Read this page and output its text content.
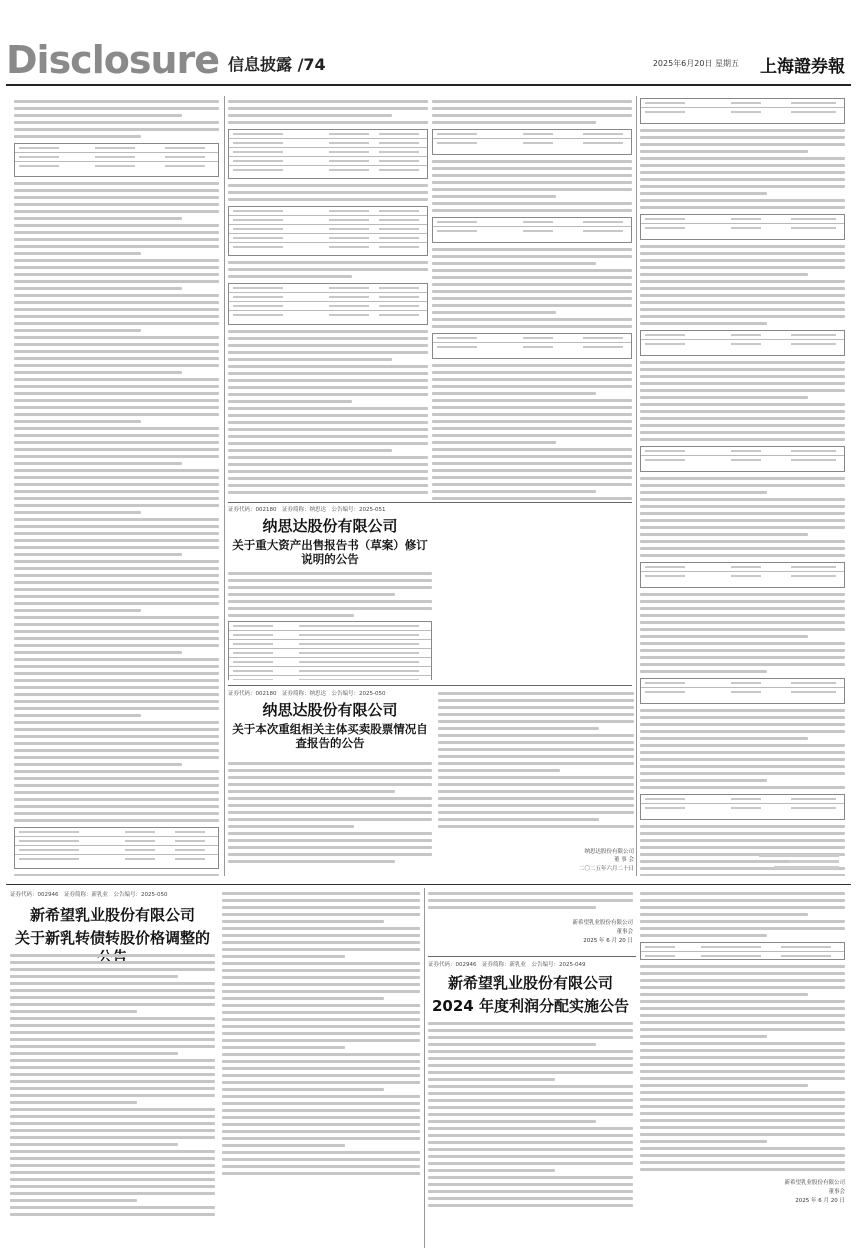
Disclosure 信息披露 /74	2025年6月20日 星期五 上海證券報
证券代码：002180　证券简称：纳思达　公告编号：2025-051
纳思达股份有限公司
关于重大资产出售报告书（草案）修订说明的公告
证券代码：002180　证券简称：纳思达　公告编号：2025-050
纳思达股份有限公司
关于本次重组相关主体买卖股票情况自查报告的公告
纳思达股份有限公司
董 事 会
二〇二五年六月二十日
证券代码：002946　证券简称：新乳业　公告编号：2025-050
新希望乳业股份有限公司
关于新乳转债转股价格调整的
新希望乳业股份有限公司
董事会
2025 年 6 月 20 日
证券代码：002946　证券简称：新乳业　公告编号：2025-049
新希望乳业股份有限公司
2024 年度利润分配实施公告
新希望乳业股份有限公司
董事会
2025 年 6 月 20 日
